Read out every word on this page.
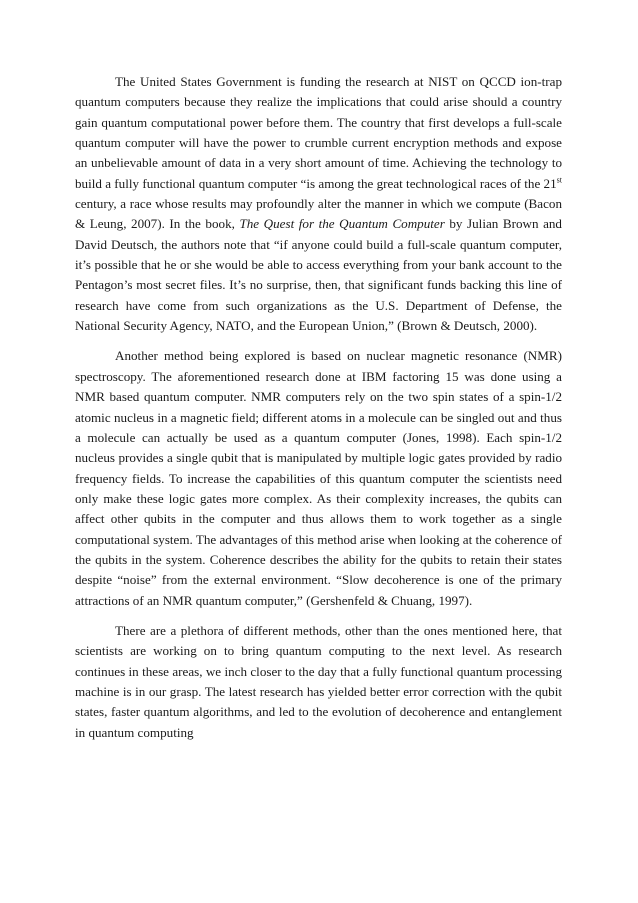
The United States Government is funding the research at NIST on QCCD ion-trap quantum computers because they realize the implications that could arise should a country gain quantum computational power before them. The country that first develops a full-scale quantum computer will have the power to crumble current encryption methods and expose an unbelievable amount of data in a very short amount of time. Achieving the technology to build a fully functional quantum computer “is among the great technological races of the 21st century, a race whose results may profoundly alter the manner in which we compute (Bacon & Leung, 2007). In the book, The Quest for the Quantum Computer by Julian Brown and David Deutsch, the authors note that “if anyone could build a full-scale quantum computer, it’s possible that he or she would be able to access everything from your bank account to the Pentagon’s most secret files. It’s no surprise, then, that significant funds backing this line of research have come from such organizations as the U.S. Department of Defense, the National Security Agency, NATO, and the European Union,” (Brown & Deutsch, 2000).

Another method being explored is based on nuclear magnetic resonance (NMR) spectroscopy. The aforementioned research done at IBM factoring 15 was done using a NMR based quantum computer. NMR computers rely on the two spin states of a spin-1/2 atomic nucleus in a magnetic field; different atoms in a molecule can be singled out and thus a molecule can actually be used as a quantum computer (Jones, 1998). Each spin-1/2 nucleus provides a single qubit that is manipulated by multiple logic gates provided by radio frequency fields. To increase the capabilities of this quantum computer the scientists need only make these logic gates more complex. As their complexity increases, the qubits can affect other qubits in the computer and thus allows them to work together as a single computational system. The advantages of this method arise when looking at the coherence of the qubits in the system. Coherence describes the ability for the qubits to retain their states despite “noise” from the external environment. “Slow decoherence is one of the primary attractions of an NMR quantum computer,” (Gershenfeld & Chuang, 1997).

There are a plethora of different methods, other than the ones mentioned here, that scientists are working on to bring quantum computing to the next level. As research continues in these areas, we inch closer to the day that a fully functional quantum processing machine is in our grasp. The latest research has yielded better error correction with the qubit states, faster quantum algorithms, and led to the evolution of decoherence and entanglement in quantum computing
